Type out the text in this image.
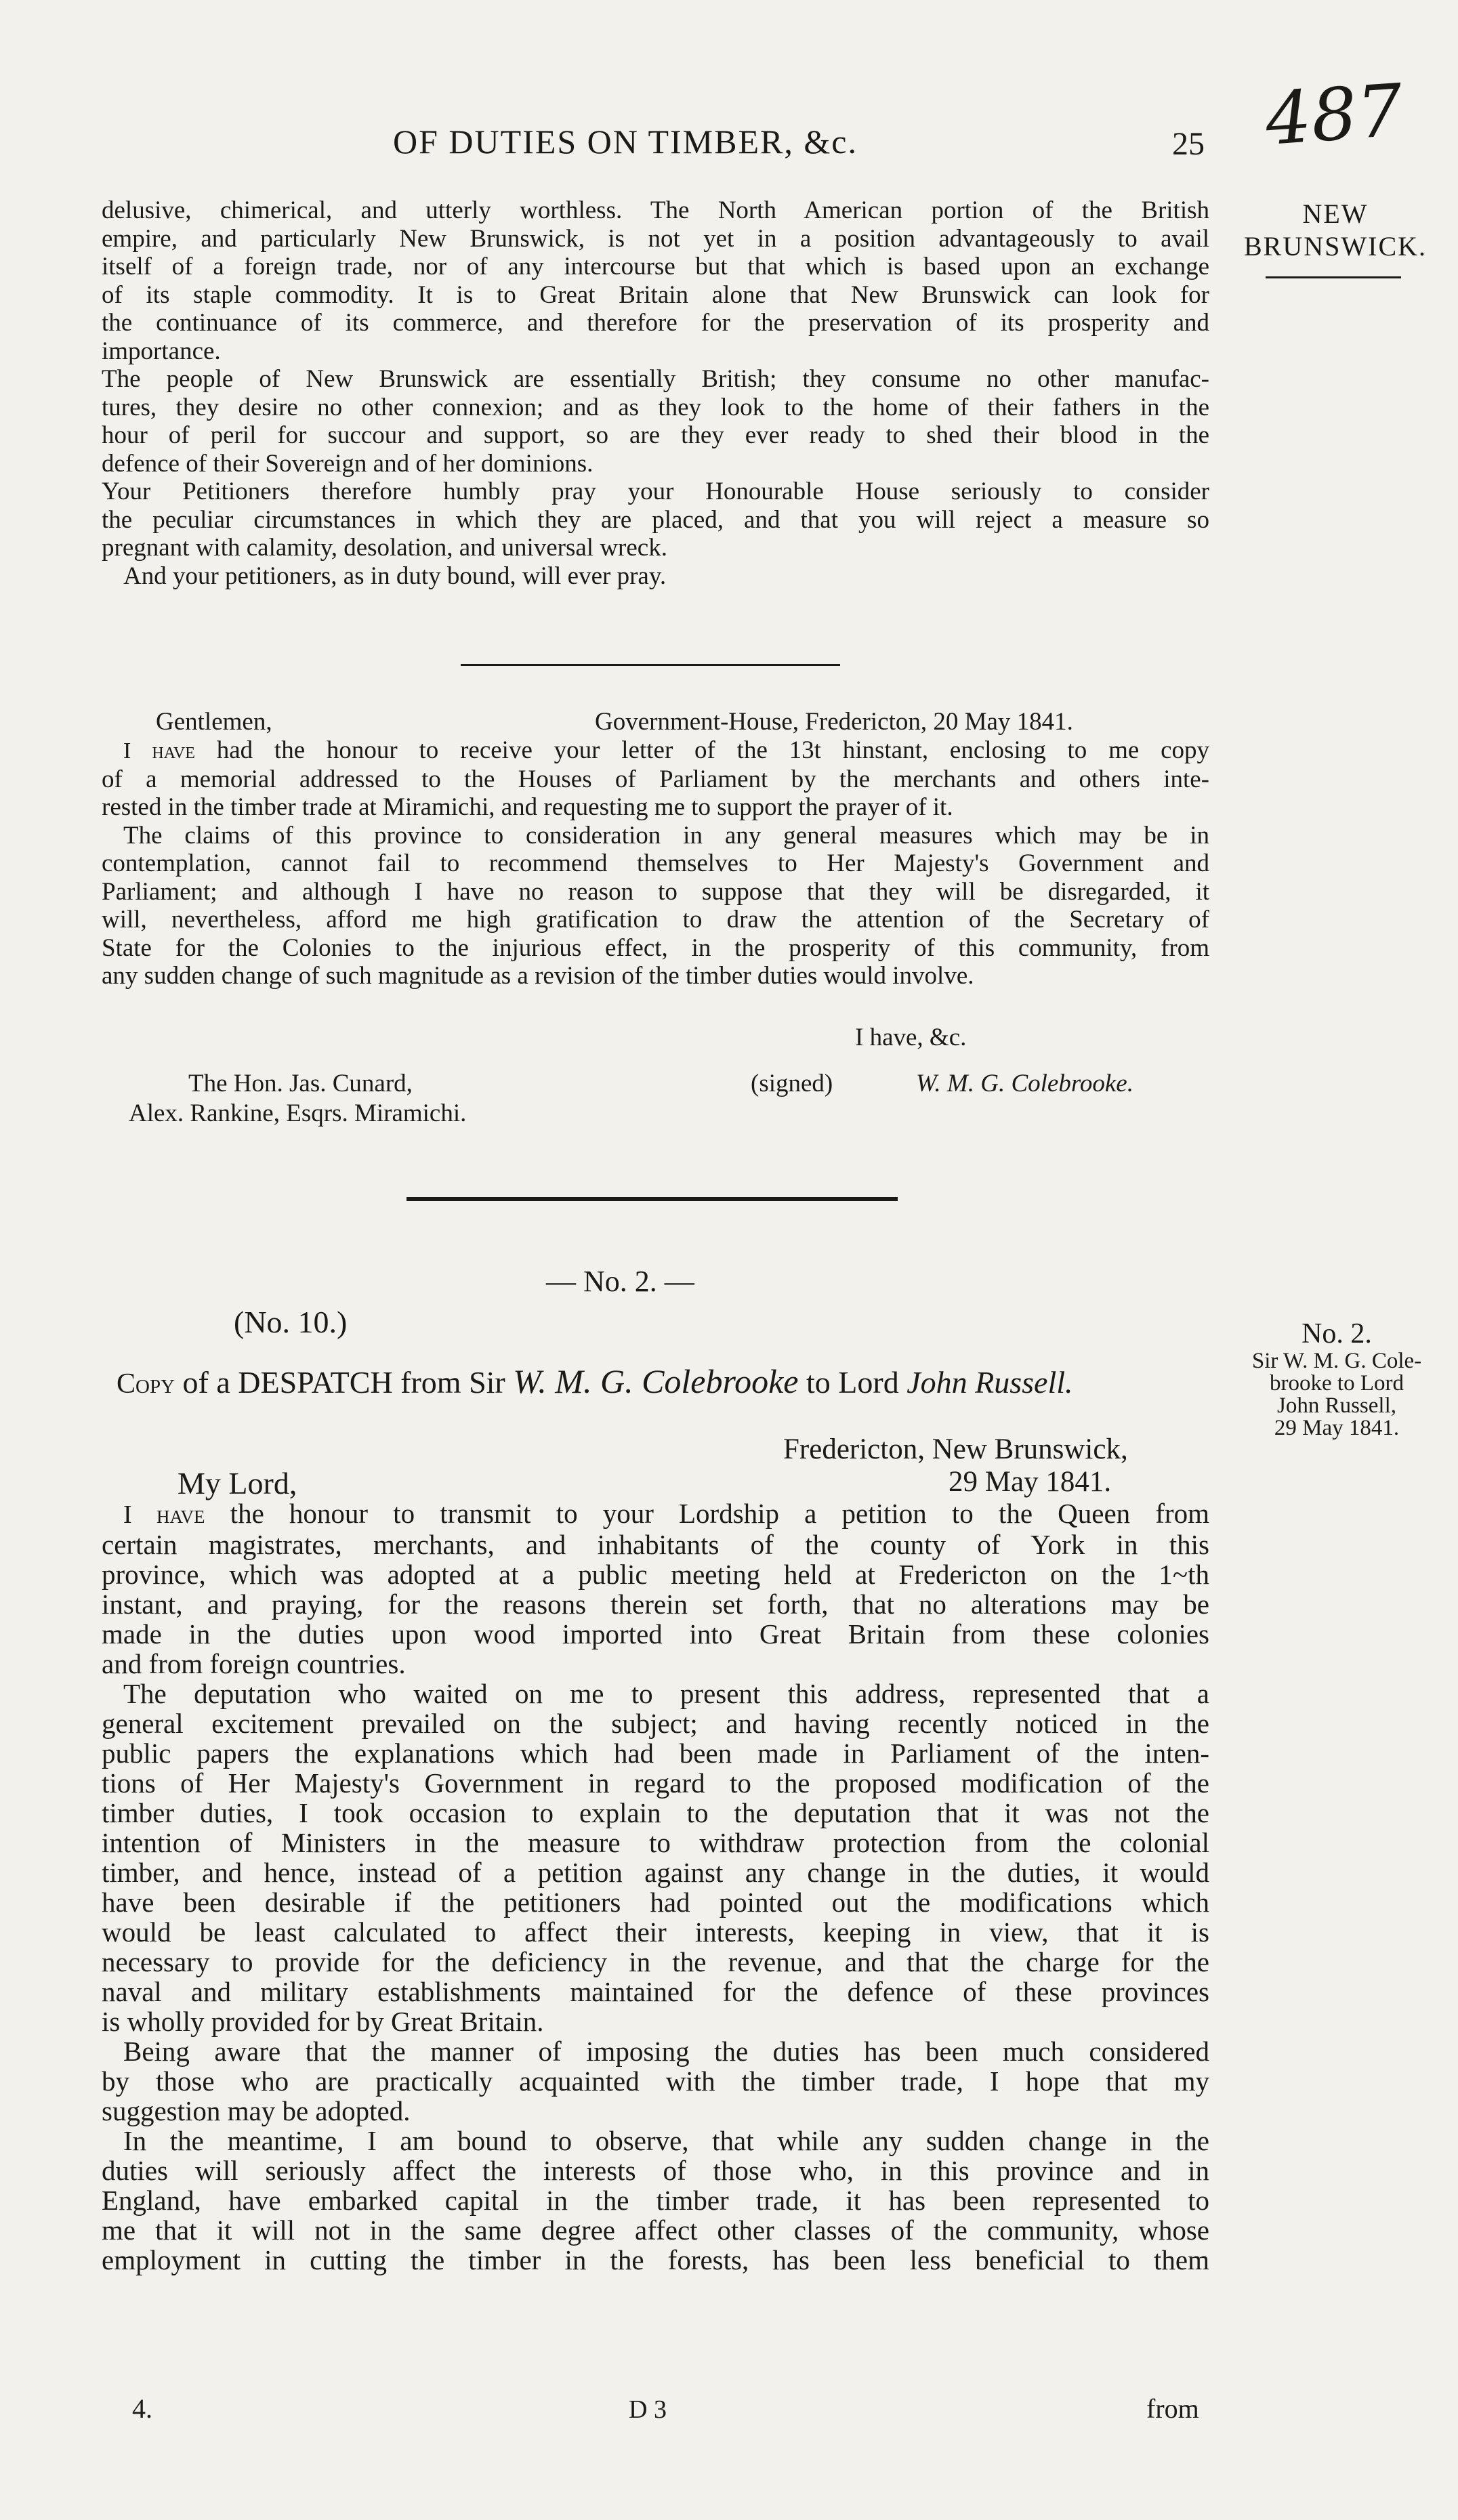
OF DUTIES ON TIMBER, &c.	25 487
NEW
BRUNSWICK.

delusive, chimerical, and utterly worthless. The North American portion of the British

empire, and particularly New Brunswick, is not yet in a position advantageously to avail

itself of a foreign trade, nor of any intercourse but that which is based upon an exchange

of its staple commodity. It is to Great Britain alone that New Brunswick can look for

the continuance of its commerce, and therefore for the preservation of its prosperity and

importance.

The people of New Brunswick are essentially British; they consume no other manufac-

tures, they desire no other connexion; and as they look to the home of their fathers in the

hour of peril for succour and support, so are they ever ready to shed their blood in the

defence of their Sovereign and of her dominions.

Your Petitioners therefore humbly pray your Honourable House seriously to consider

the peculiar circumstances in which they are placed, and that you will reject a measure so

pregnant with calamity, desolation, and universal wreck.

And your petitioners, as in duty bound, will ever pray.

Gentlemen,	Government-House, Fredericton, 20 May 1841.

I have had the honour to receive your letter of the 13t hinstant, enclosing to me copy

of a memorial addressed to the Houses of Parliament by the merchants and others inte-

rested in the timber trade at Miramichi, and requesting me to support the prayer of it.

The claims of this province to consideration in any general measures which may be in

contemplation, cannot fail to recommend themselves to Her Majesty's Government and

Parliament; and although I have no reason to suppose that they will be disregarded, it

will, nevertheless, afford me high gratification to draw the attention of the Secretary of

State for the Colonies to the injurious effect, in the prosperity of this community, from

any sudden change of such magnitude as a revision of the timber duties would involve.

I have, &c.
The Hon. Jas. Cunard,
Alex. Rankine, Esqrs. Miramichi.
(signed)	W. M. G. Colebrooke.
— No. 2. —
(No. 10.)
Copy of a DESPATCH from Sir W. M. G. Colebrooke to Lord John Russell.
No. 2.
Sir W. M. G. Cole-
brooke to Lord
John Russell,
29 May 1841.
Fredericton, New Brunswick,
29 May 1841.
My Lord,

I have the honour to transmit to your Lordship a petition to the Queen from

certain magistrates, merchants, and inhabitants of the county of York in this

province, which was adopted at a public meeting held at Fredericton on the 1~th

instant, and praying, for the reasons therein set forth, that no alterations may be

made in the duties upon wood imported into Great Britain from these colonies

and from foreign countries.

The deputation who waited on me to present this address, represented that a

general excitement prevailed on the subject; and having recently noticed in the

public papers the explanations which had been made in Parliament of the inten-

tions of Her Majesty's Government in regard to the proposed modification of the

timber duties, I took occasion to explain to the deputation that it was not the

intention of Ministers in the measure to withdraw protection from the colonial

timber, and hence, instead of a petition against any change in the duties, it would

have been desirable if the petitioners had pointed out the modifications which

would be least calculated to affect their interests, keeping in view, that it is

necessary to provide for the deficiency in the revenue, and that the charge for the

naval and military establishments maintained for the defence of these provinces

is wholly provided for by Great Britain.

Being aware that the manner of imposing the duties has been much considered

by those who are practically acquainted with the timber trade, I hope that my

suggestion may be adopted.

In the meantime, I am bound to observe, that while any sudden change in the

duties will seriously affect the interests of those who, in this province and in

England, have embarked capital in the timber trade, it has been represented to

me that it will not in the same degree affect other classes of the community, whose

employment in cutting the timber in the forests, has been less beneficial to them

4.	D 3	from
